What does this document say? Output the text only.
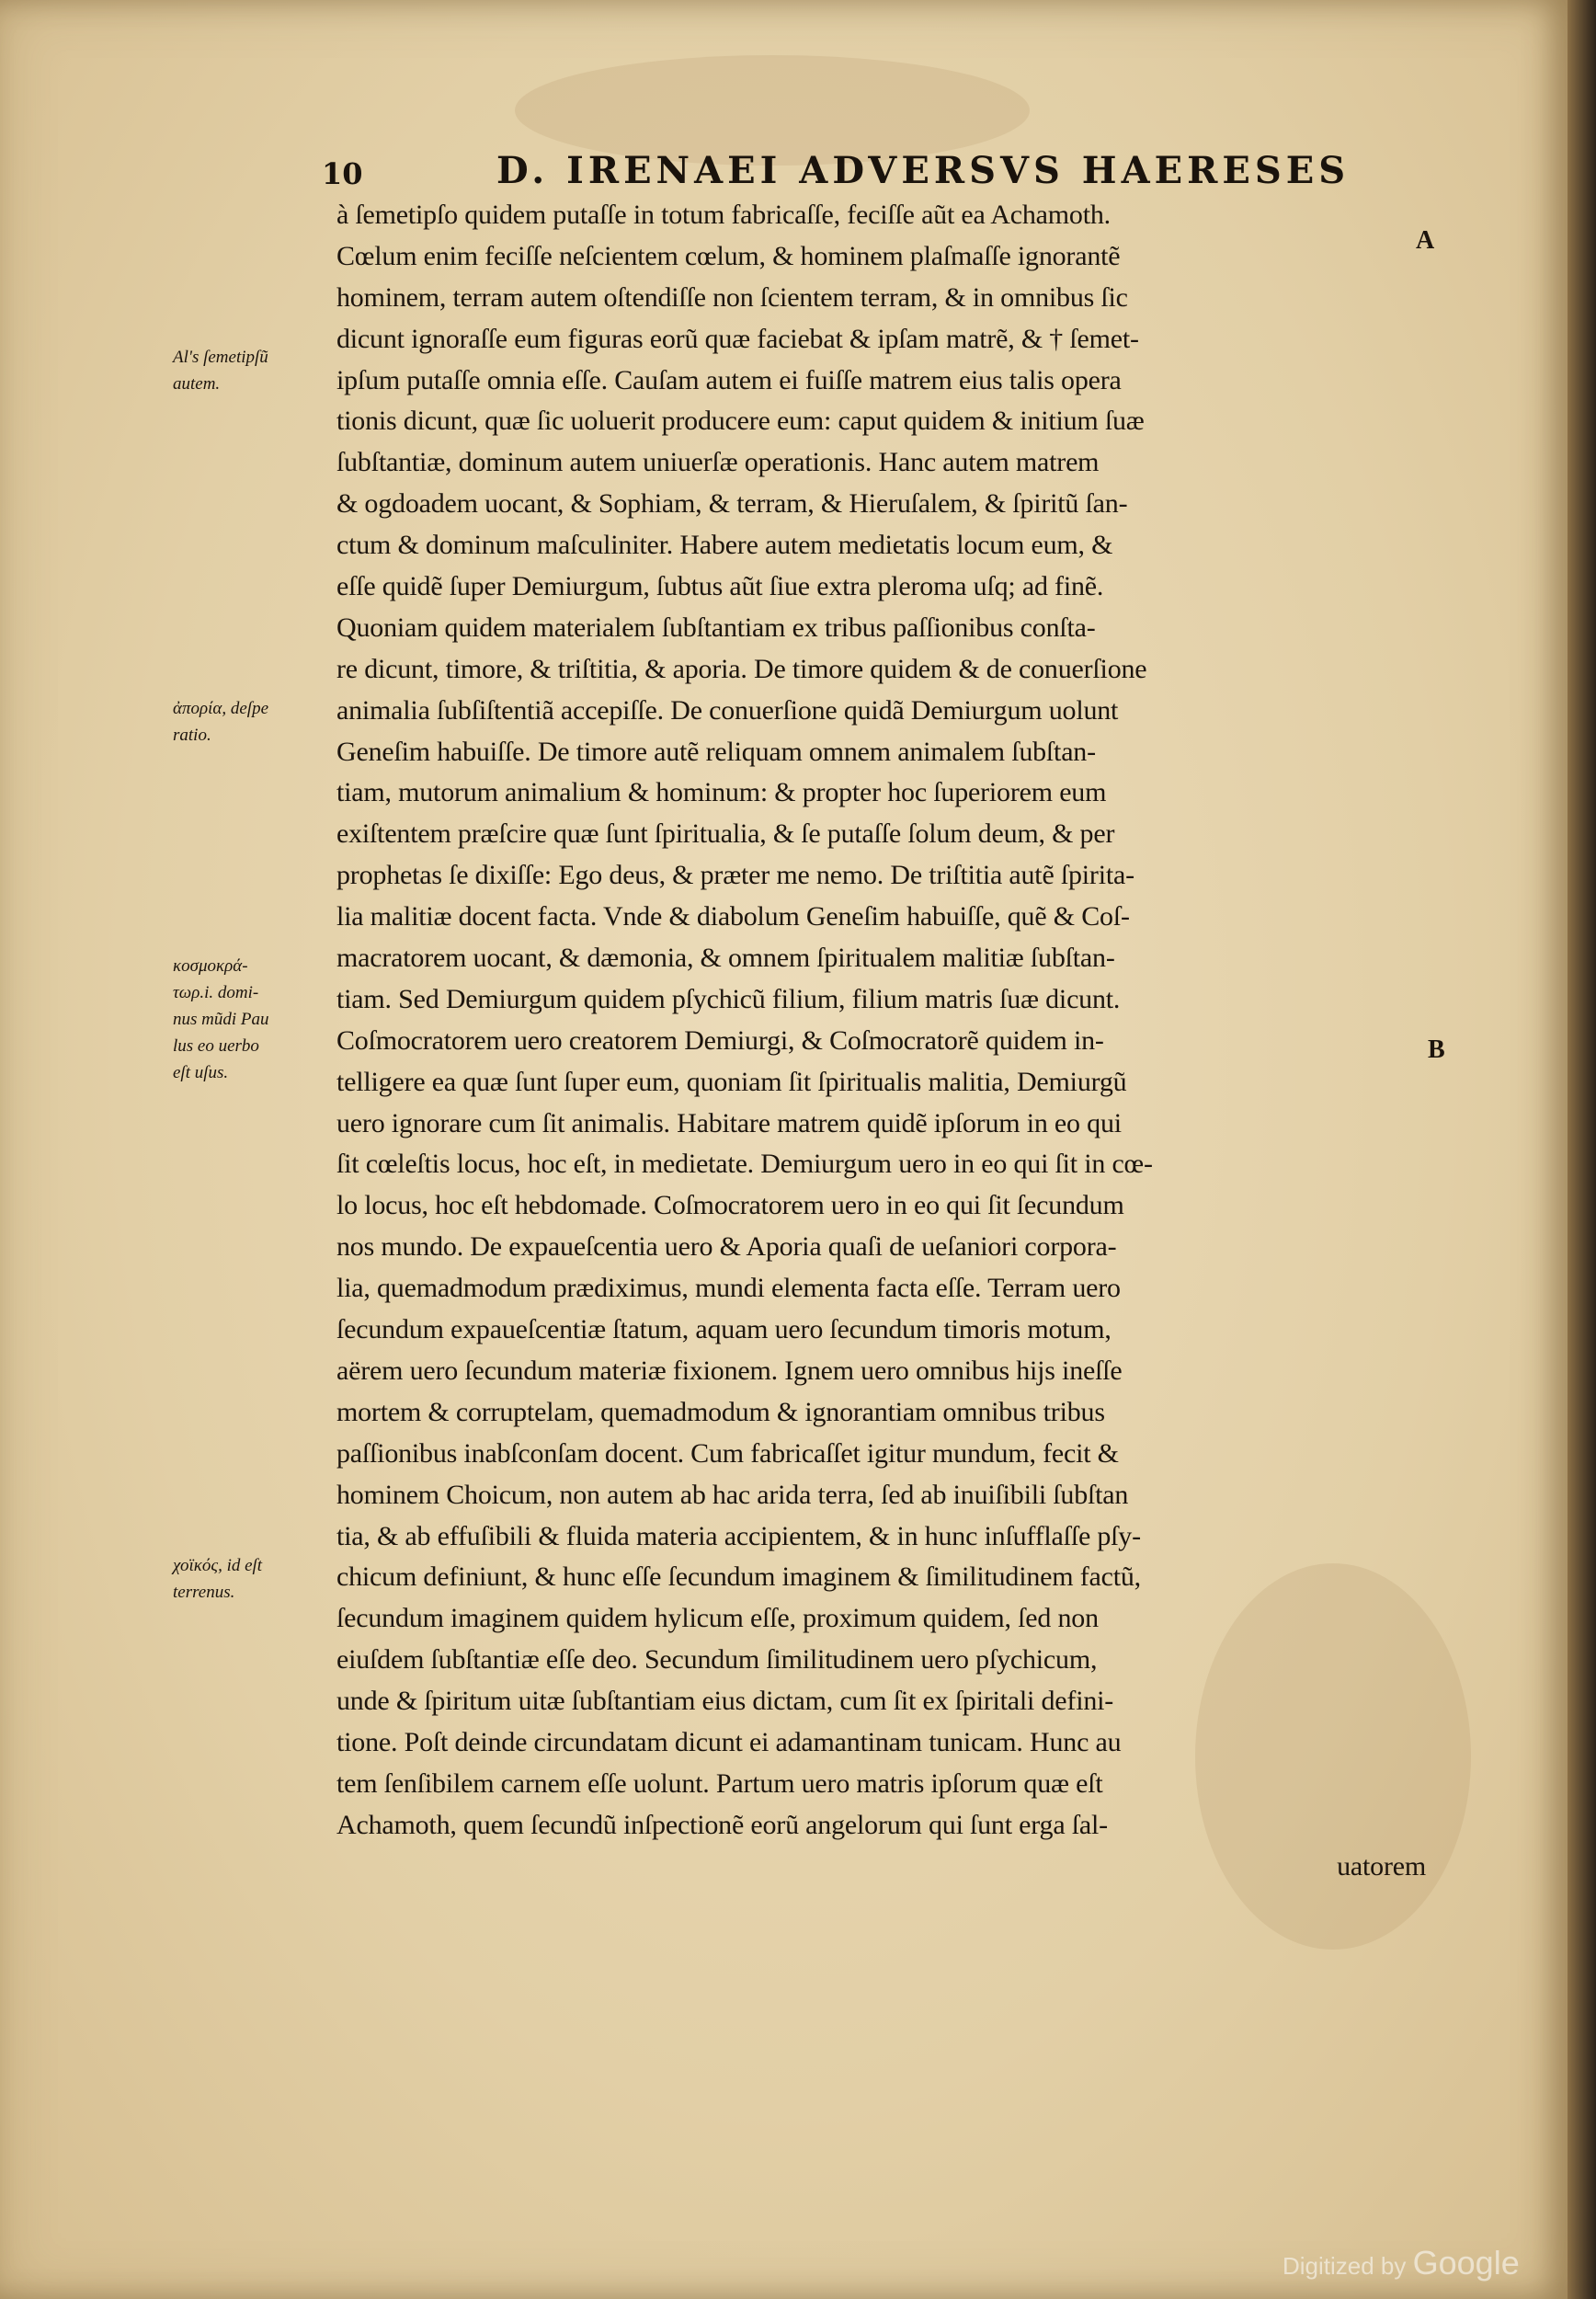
10	D. IRENAEI ADVERSVS HAERESES
à ſemetipſo quidem putaſſe in totum fabricaſſe, feciſſe aũt ea Achamoth.
Cœlum enim feciſſe neſcientem cœlum, & hominem plaſmaſſe ignorantẽ
hominem, terram autem oſtendiſſe non ſcientem terram, & in omnibus ſic
dicunt ignoraſſe eum figuras eorũ quæ faciebat & ipſam matrẽ, & † ſemet-
ipſum putaſſe omnia eſſe. Cauſam autem ei fuiſſe matrem eius talis opera
tionis dicunt, quæ ſic uoluerit producere eum: caput quidem & initium ſuæ
ſubſtantiæ, dominum autem uniuerſæ operationis. Hanc autem matrem
& ogdoadem uocant, & Sophiam, & terram, & Hieruſalem, & ſpiritũ ſan-
ctum & dominum maſculiniter. Habere autem medietatis locum eum, &
eſſe quidẽ ſuper Demiurgum, ſubtus aũt ſiue extra pleroma uſq; ad finẽ.
Quoniam quidem materialem ſubſtantiam ex tribus paſſionibus conſta-
re dicunt, timore, & triſtitia, & aporia. De timore quidem & de conuerſione
animalia ſubſiſtentiã accepiſſe. De conuerſione quidã Demiurgum uolunt
Geneſim habuiſſe. De timore autẽ reliquam omnem animalem ſubſtan-
tiam, mutorum animalium & hominum: & propter hoc ſuperiorem eum
exiſtentem præſcire quæ ſunt ſpiritualia, & ſe putaſſe ſolum deum, & per
prophetas ſe dixiſſe: Ego deus, & præter me nemo. De triſtitia autẽ ſpirita-
lia malitiæ docent facta. Vnde & diabolum Geneſim habuiſſe, quẽ & Coſ-
macratorem uocant, & dæmonia, & omnem ſpiritualem malitiæ ſubſtan-
tiam. Sed Demiurgum quidem pſychicũ filium, filium matris ſuæ dicunt.
Coſmocratorem uero creatorem Demiurgi, & Coſmocratorẽ quidem in-
telligere ea quæ ſunt ſuper eum, quoniam ſit ſpiritualis malitia, Demiurgũ
uero ignorare cum ſit animalis. Habitare matrem quidẽ ipſorum in eo qui
ſit cœleſtis locus, hoc eſt, in medietate. Demiurgum uero in eo qui ſit in cœ-
lo locus, hoc eſt hebdomade. Coſmocratorem uero in eo qui ſit ſecundum
nos mundo. De expaueſcentia uero & Aporia quaſi de ueſaniori corpora-
lia, quemadmodum prædiximus, mundi elementa facta eſſe. Terram uero
ſecundum expaueſcentiæ ſtatum, aquam uero ſecundum timoris motum,
aërem uero ſecundum materiæ fixionem. Ignem uero omnibus hijs ineſſe
mortem & corruptelam, quemadmodum & ignorantiam omnibus tribus
paſſionibus inabſconſam docent. Cum fabricaſſet igitur mundum, fecit &
hominem Choicum, non autem ab hac arida terra, ſed ab inuiſibili ſubſtan
tia, & ab effuſibili & fluida materia accipientem, & in hunc inſufflaſſe pſy-
chicum definiunt, & hunc eſſe ſecundum imaginem & ſimilitudinem factũ,
ſecundum imaginem quidem hylicum eſſe, proximum quidem, ſed non
eiuſdem ſubſtantiæ eſſe deo. Secundum ſimilitudinem uero pſychicum,
unde & ſpiritum uitæ ſubſtantiam eius dictam, cum ſit ex ſpiritali defini-
tione. Poſt deinde circundatam dicunt ei adamantinam tunicam. Hunc au
tem ſenſibilem carnem eſſe uolunt. Partum uero matris ipſorum quæ eſt
Achamoth, quem ſecundũ inſpectionẽ eorũ angelorum qui ſunt erga ſal-
uatorem
Al's ſemetipſũ
autem.
ἀπορία, deſpe
ratio.
κοσμοκρά-
τωρ.i. domi-
nus mũdi Pau
lus eo uerbo
eſt uſus.
χοϊκός, id eſt
terrenus.
A
B
Digitized by Google
